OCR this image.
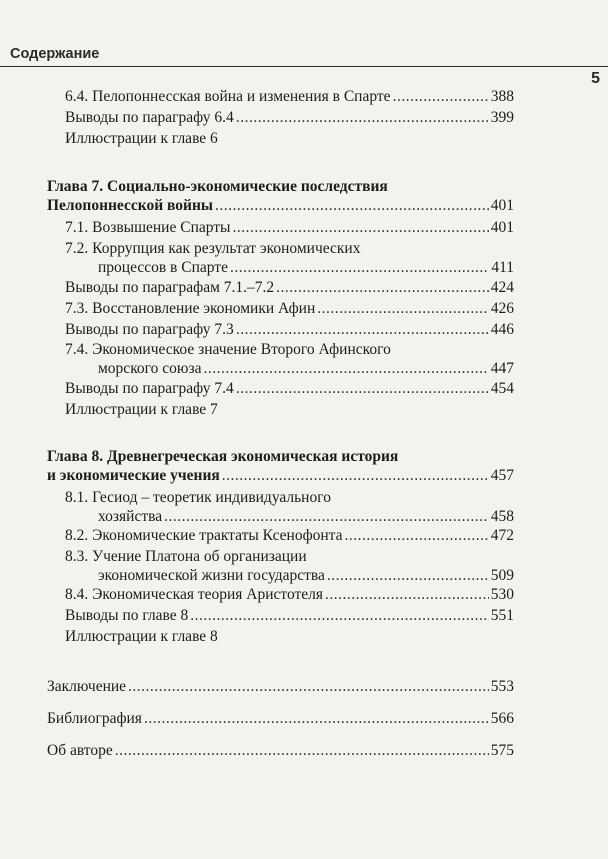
Содержание
5
6.4. Пелопоннесская война и изменения в Спарте .....	388
Выводы по параграфу 6.4 .....	399
Иллюстрации к главе 6
Глава 7. Социально-экономические последствия
Пелопоннесской войны .....	401
7.1. Возвышение Спарты .....	401
7.2. Коррупция как результат экономических
процессов в Спарте .....	411
Выводы по параграфам 7.1.–7.2 .....	424
7.3. Восстановление экономики Афин .....	426
Выводы по параграфу 7.3 .....	446
7.4. Экономическое значение Второго Афинского
морского союза .....	447
Выводы по параграфу 7.4 .....	454
Иллюстрации к главе 7
Глава 8. Древнегреческая экономическая история
и экономические учения .....	457
8.1. Гесиод – теоретик индивидуального
хозяйства .....	458
8.2. Экономические трактаты Ксенофонта .....	472
8.3. Учение Платона об организации
экономической жизни государства .....	509
8.4. Экономическая теория Аристотеля .....	530
Выводы по главе 8 .....	551
Иллюстрации к главе 8
Заключение .....	553
Библиография .....	566
Об авторе .....	575
